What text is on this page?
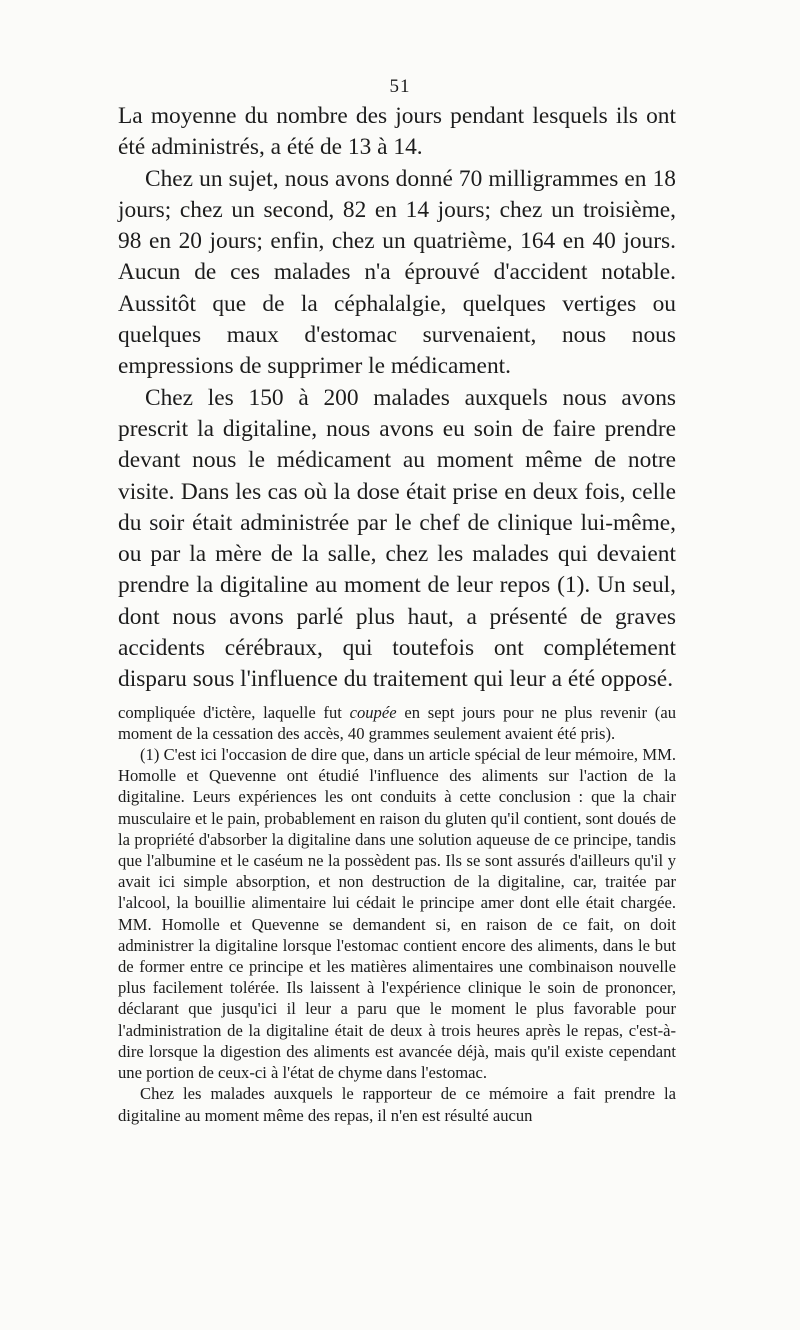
51

La moyenne du nombre des jours pendant lesquels ils ont été administrés, a été de 13 à 14.

Chez un sujet, nous avons donné 70 milligrammes en 18 jours; chez un second, 82 en 14 jours; chez un troisième, 98 en 20 jours; enfin, chez un quatrième, 164 en 40 jours. Aucun de ces malades n'a éprouvé d'accident notable. Aussitôt que de la céphalalgie, quelques vertiges ou quelques maux d'estomac survenaient, nous nous empressions de supprimer le médicament.

Chez les 150 à 200 malades auxquels nous avons prescrit la digitaline, nous avons eu soin de faire prendre devant nous le médicament au moment même de notre visite. Dans les cas où la dose était prise en deux fois, celle du soir était administrée par le chef de clinique lui-même, ou par la mère de la salle, chez les malades qui devaient prendre la digitaline au moment de leur repos (1). Un seul, dont nous avons parlé plus haut, a présenté de graves accidents cérébraux, qui toutefois ont complétement disparu sous l'influence du traitement qui leur a été opposé.

compliquée d'ictère, laquelle fut coupée en sept jours pour ne plus revenir (au moment de la cessation des accès, 40 grammes seulement avaient été pris).

(1) C'est ici l'occasion de dire que, dans un article spécial de leur mémoire, MM. Homolle et Quevenne ont étudié l'influence des aliments sur l'action de la digitaline. Leurs expériences les ont conduits à cette conclusion : que la chair musculaire et le pain, probablement en raison du gluten qu'il contient, sont doués de la propriété d'absorber la digitaline dans une solution aqueuse de ce principe, tandis que l'albumine et le caséum ne la possèdent pas. Ils se sont assurés d'ailleurs qu'il y avait ici simple absorption, et non destruction de la digitaline, car, traitée par l'alcool, la bouillie alimentaire lui cédait le principe amer dont elle était chargée. MM. Homolle et Quevenne se demandent si, en raison de ce fait, on doit administrer la digitaline lorsque l'estomac contient encore des aliments, dans le but de former entre ce principe et les matières alimentaires une combinaison nouvelle plus facilement tolérée. Ils laissent à l'expérience clinique le soin de prononcer, déclarant que jusqu'ici il leur a paru que le moment le plus favorable pour l'administration de la digitaline était de deux à trois heures après le repas, c'est-à-dire lorsque la digestion des aliments est avancée déjà, mais qu'il existe cependant une portion de ceux-ci à l'état de chyme dans l'estomac.

Chez les malades auxquels le rapporteur de ce mémoire a fait prendre la digitaline au moment même des repas, il n'en est résulté aucun
